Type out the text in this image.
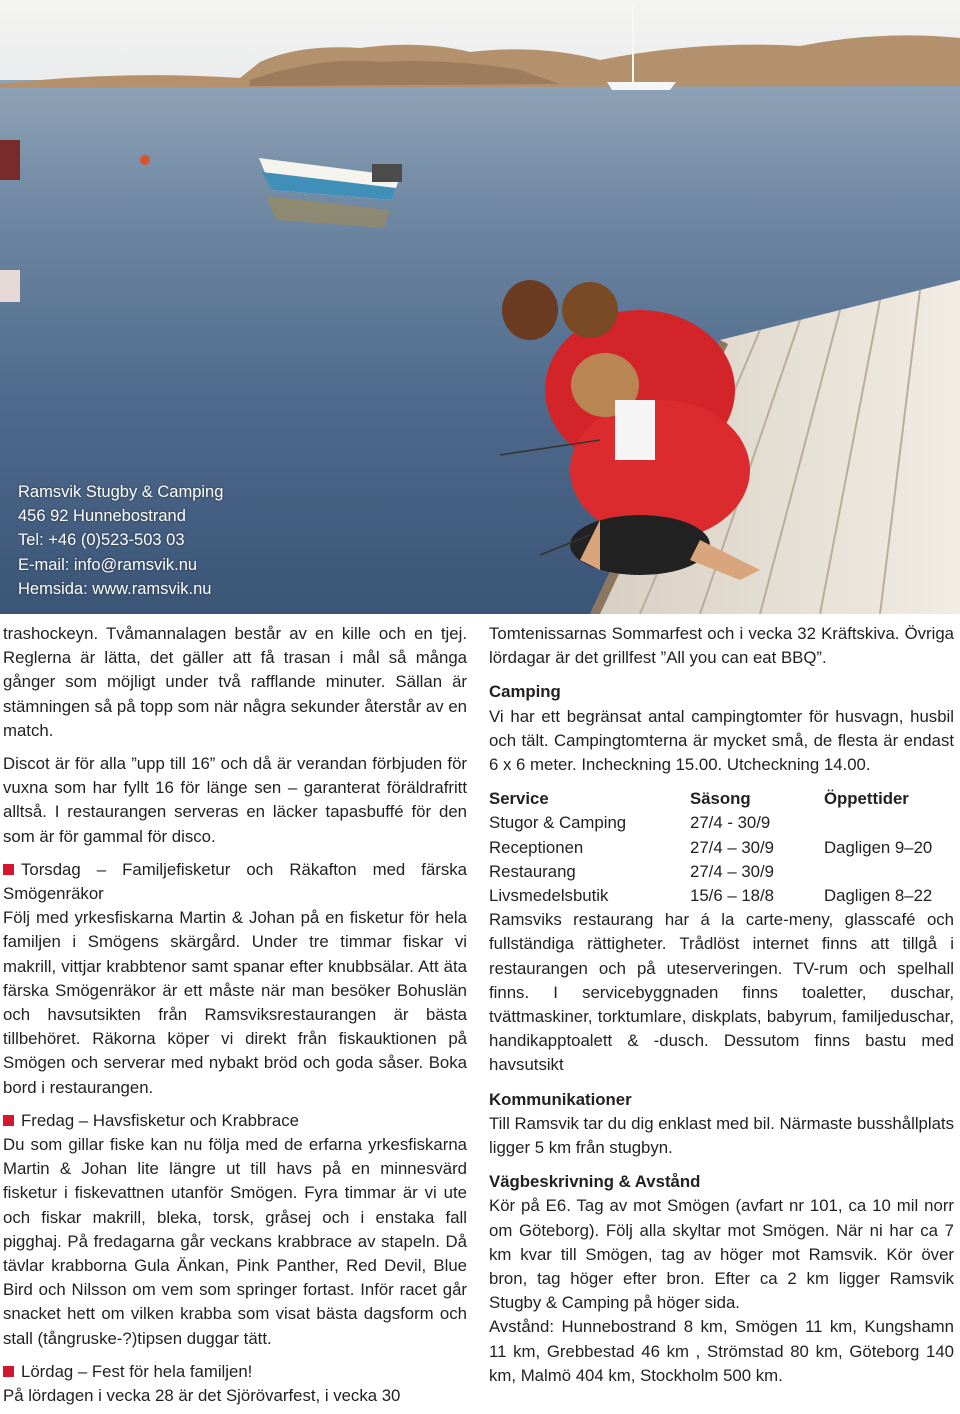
Ramsvik Stugby & Camping
456 92 Hunnebostrand
Tel: +46 (0)523-503 03
E-mail: info@ramsvik.nu
Hemsida: www.ramsvik.nu

trashockeyn. Tvåmannalagen består av en kille och en tjej. Reglerna är lätta, det gäller att få trasan i mål så många gånger som möjligt under två rafflande minuter. Sällan är stämningen så på topp som när några sekunder återstår av en match.

Discot är för alla ”upp till 16” och då är verandan förbjuden för vuxna som har fyllt 16 för länge sen – garanterat föräldrafritt alltså. I restaurangen serveras en läcker tapasbuffé för den som är för gammal för disco.

Torsdag – Familjefisketur och Räkafton med färska Smögenräkor

Följ med yrkesfiskarna Martin & Johan på en fisketur för hela familjen i Smögens skärgård. Under tre timmar fiskar vi makrill, vittjar krabbtenor samt spanar efter knubbsälar. Att äta färska Smögenräkor är ett måste när man besöker Bohuslän och havsutsikten från Ramsviksrestaurangen är bästa tillbehöret. Räkorna köper vi direkt från fiskauktionen på Smögen och serverar med nybakt bröd och goda såser. Boka bord i restaurangen.

Fredag – Havsfisketur och Krabbrace

Du som gillar fiske kan nu följa med de erfarna yrkesfiskarna Martin & Johan lite längre ut till havs på en minnesvärd fisketur i fiskevattnen utanför Smögen. Fyra timmar är vi ute och fiskar makrill, bleka, torsk, gråsej och i enstaka fall pigghaj. På fredagarna går veckans krabbrace av stapeln. Då tävlar krabborna Gula Änkan, Pink Panther, Red Devil, Blue Bird och Nilsson om vem som springer fortast. Inför racet går snacket hett om vilken krabba som visat bästa dagsform och stall (tångruske-?)tipsen duggar tätt.

Lördag – Fest för hela familjen!

På lördagen i vecka 28 är det Sjörövarfest, i vecka 30

Tomtenissarnas Sommarfest och i vecka 32 Kräftskiva. Övriga lördagar är det grillfest ”All you can eat BBQ”.

Camping

Vi har ett begränsat antal campingtomter för husvagn, husbil och tält. Campingtomterna är mycket små, de flesta är endast 6 x 6 meter. Incheckning 15.00. Utcheckning 14.00.

Service	Säsong	Öppettider
Stugor & Camping	27/4 - 30/9	
Receptionen	27/4 – 30/9	Dagligen 9–20
Restaurang	27/4 – 30/9	
Livsmedelsbutik	15/6 – 18/8	Dagligen 8–22

Ramsviks restaurang har á la carte-meny, glasscafé och fullständiga rättigheter. Trådlöst internet finns att tillgå i restaurangen och på uteserveringen. TV-rum och spelhall finns. I servicebyggnaden finns toaletter, duschar, tvättmaskiner, torktumlare, diskplats, babyrum, familjeduschar, handikapptoalett & -dusch. Dessutom finns bastu med havsutsikt

Kommunikationer

Till Ramsvik tar du dig enklast med bil. Närmaste busshållplats ligger 5 km från stugbyn.

Vägbeskrivning & Avstånd

Kör på E6. Tag av mot Smögen (avfart nr 101, ca 10 mil norr om Göteborg). Följ alla skyltar mot Smögen. När ni har ca 7 km kvar till Smögen, tag av höger mot Ramsvik. Kör över bron, tag höger efter bron. Efter ca 2 km ligger Ramsvik Stugby & Camping på höger sida.

Avstånd: Hunnebostrand 8 km, Smögen 11 km, Kungshamn 11 km, Grebbestad 46 km , Strömstad 80 km, Göteborg 140 km, Malmö 404 km, Stockholm 500 km.
